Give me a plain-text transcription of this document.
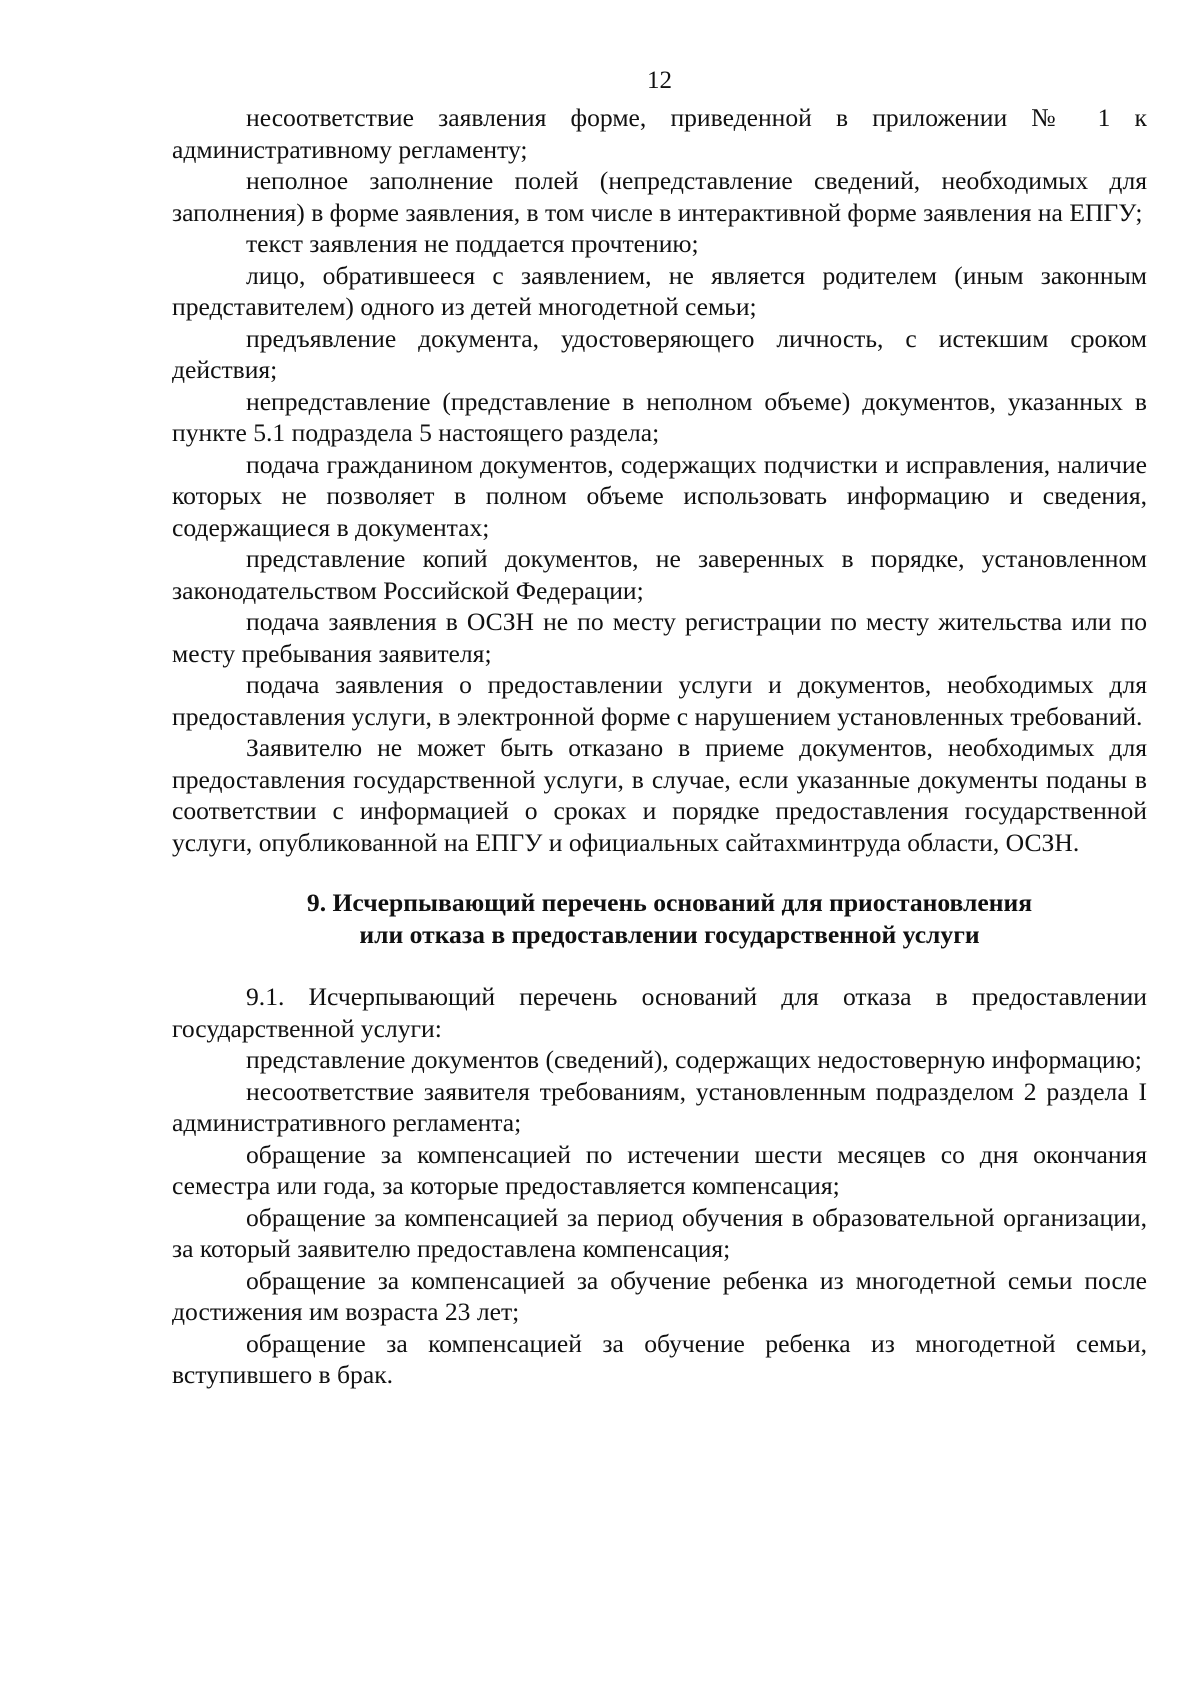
12

несоответствие заявления форме, приведенной в приложении № 1 к административному регламенту;

неполное заполнение полей (непредставление сведений, необходимых для заполнения) в форме заявления, в том числе в интерактивной форме заявления на ЕПГУ;

текст заявления не поддается прочтению;

лицо, обратившееся с заявлением, не является родителем (иным законным представителем) одного из детей многодетной семьи;

предъявление документа, удостоверяющего личность, с истекшим сроком действия;

непредставление (представление в неполном объеме) документов, указанных в пункте 5.1 подраздела 5 настоящего раздела;

подача гражданином документов, содержащих подчистки и исправления, наличие которых не позволяет в полном объеме использовать информацию и сведения, содержащиеся в документах;

представление копий документов, не заверенных в порядке, установленном законодательством Российской Федерации;

подача заявления в ОСЗН не по месту регистрации по месту жительства или по месту пребывания заявителя;

подача заявления о предоставлении услуги и документов, необходимых для предоставления услуги, в электронной форме с нарушением установленных требований.

Заявителю не может быть отказано в приеме документов, необходимых для предоставления государственной услуги, в случае, если указанные документы поданы в соответствии с информацией о сроках и порядке предоставления государственной услуги, опубликованной на ЕПГУ и официальных сайтахминтруда области, ОСЗН.

9. Исчерпывающий перечень оснований для приостановления

или отказа в предоставлении государственной услуги

9.1. Исчерпывающий перечень оснований для отказа в предоставлении государственной услуги:

представление документов (сведений), содержащих недостоверную информацию;

несоответствие заявителя требованиям, установленным подразделом 2 раздела I административного регламента;

обращение за компенсацией по истечении шести месяцев со дня окончания семестра или года, за которые предоставляется компенсация;

обращение за компенсацией за период обучения в образовательной организации, за который заявителю предоставлена компенсация;

обращение за компенсацией за обучение ребенка из многодетной семьи после достижения им возраста 23 лет;

обращение за компенсацией за обучение ребенка из многодетной семьи, вступившего в брак.
